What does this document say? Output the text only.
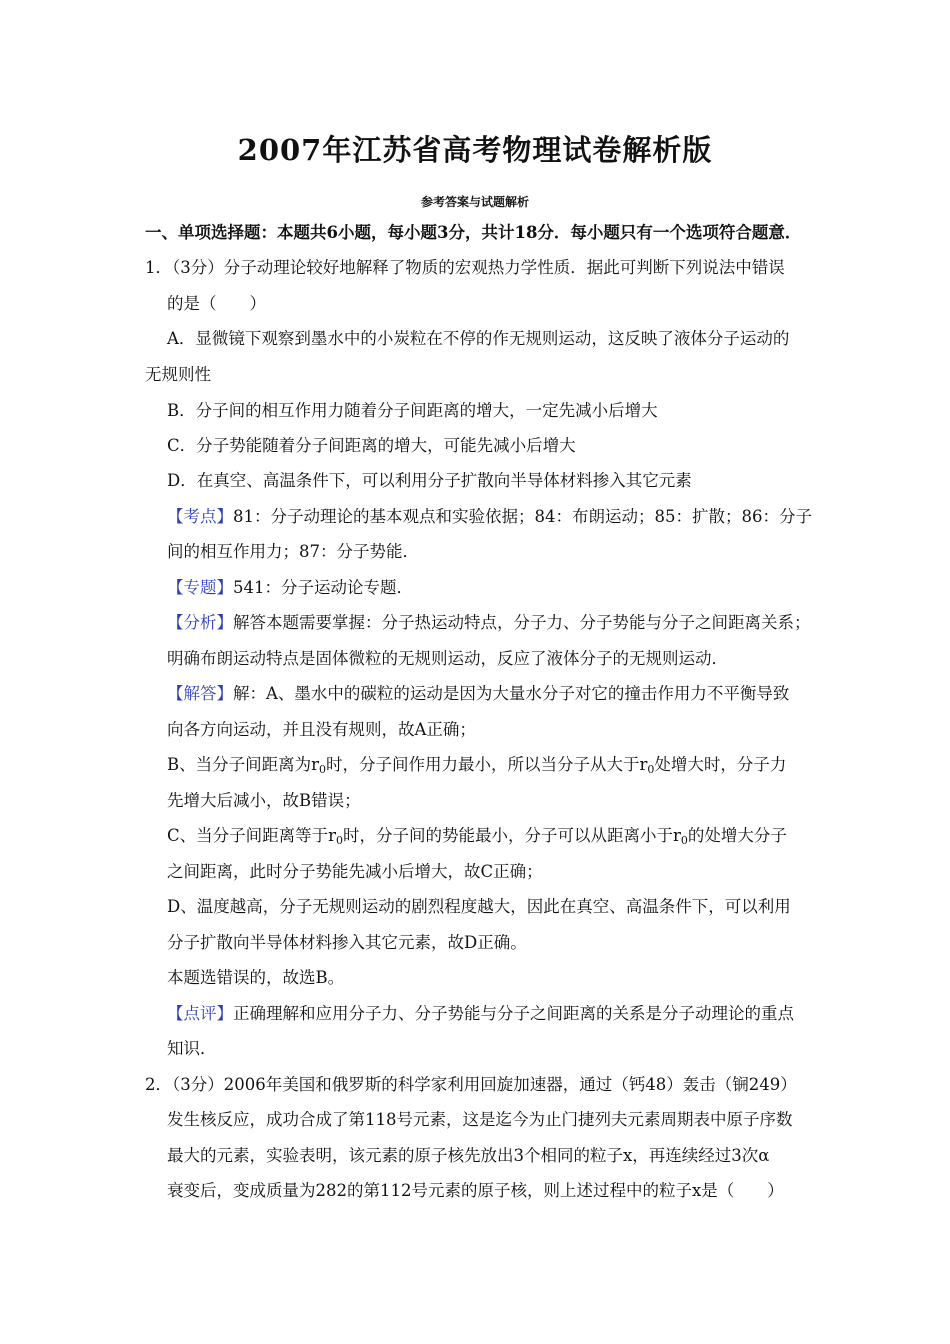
2007年江苏省高考物理试卷解析版
参考答案与试题解析
一、单项选择题：本题共6小题，每小题3分，共计18分．每小题只有一个选项符合题意．
1．（3分）分子动理论较好地解释了物质的宏观热力学性质．据此可判断下列说法中错误
的是（　　）
A．显微镜下观察到墨水中的小炭粒在不停的作无规则运动，这反映了液体分子运动的
无规则性
B．分子间的相互作用力随着分子间距离的增大，一定先减小后增大
C．分子势能随着分子间距离的增大，可能先减小后增大
D．在真空、高温条件下，可以利用分子扩散向半导体材料掺入其它元素
【考点】81：分子动理论的基本观点和实验依据；84：布朗运动；85：扩散；86：分子
间的相互作用力；87：分子势能．
【专题】541：分子运动论专题．
【分析】解答本题需要掌握：分子热运动特点，分子力、分子势能与分子之间距离关系；
明确布朗运动特点是固体微粒的无规则运动，反应了液体分子的无规则运动．
【解答】解：A、墨水中的碳粒的运动是因为大量水分子对它的撞击作用力不平衡导致
向各方向运动，并且没有规则，故A正确；
B、当分子间距离为$r_0$时，分子间作用力最小，所以当分子从大于$r_0$处增大时，分子力
先增大后减小，故B错误；
C、当分子间距离等于$r_0$时，分子间的势能最小，分子可以从距离小于$r_0$的处增大分子
之间距离，此时分子势能先减小后增大，故C正确；
D、温度越高，分子无规则运动的剧烈程度越大，因此在真空、高温条件下，可以利用
分子扩散向半导体材料掺入其它元素，故D正确。
本题选错误的，故选B。
【点评】正确理解和应用分子力、分子势能与分子之间距离的关系是分子动理论的重点
知识．
2．（3分）2006年美国和俄罗斯的科学家利用回旋加速器，通过（钙48）轰击（锎249）
发生核反应，成功合成了第118号元素，这是迄今为止门捷列夫元素周期表中原子序数
最大的元素，实验表明，该元素的原子核先放出3个相同的粒子x，再连续经过3次α
衰变后，变成质量为282的第112号元素的原子核，则上述过程中的粒子x是（　　）
